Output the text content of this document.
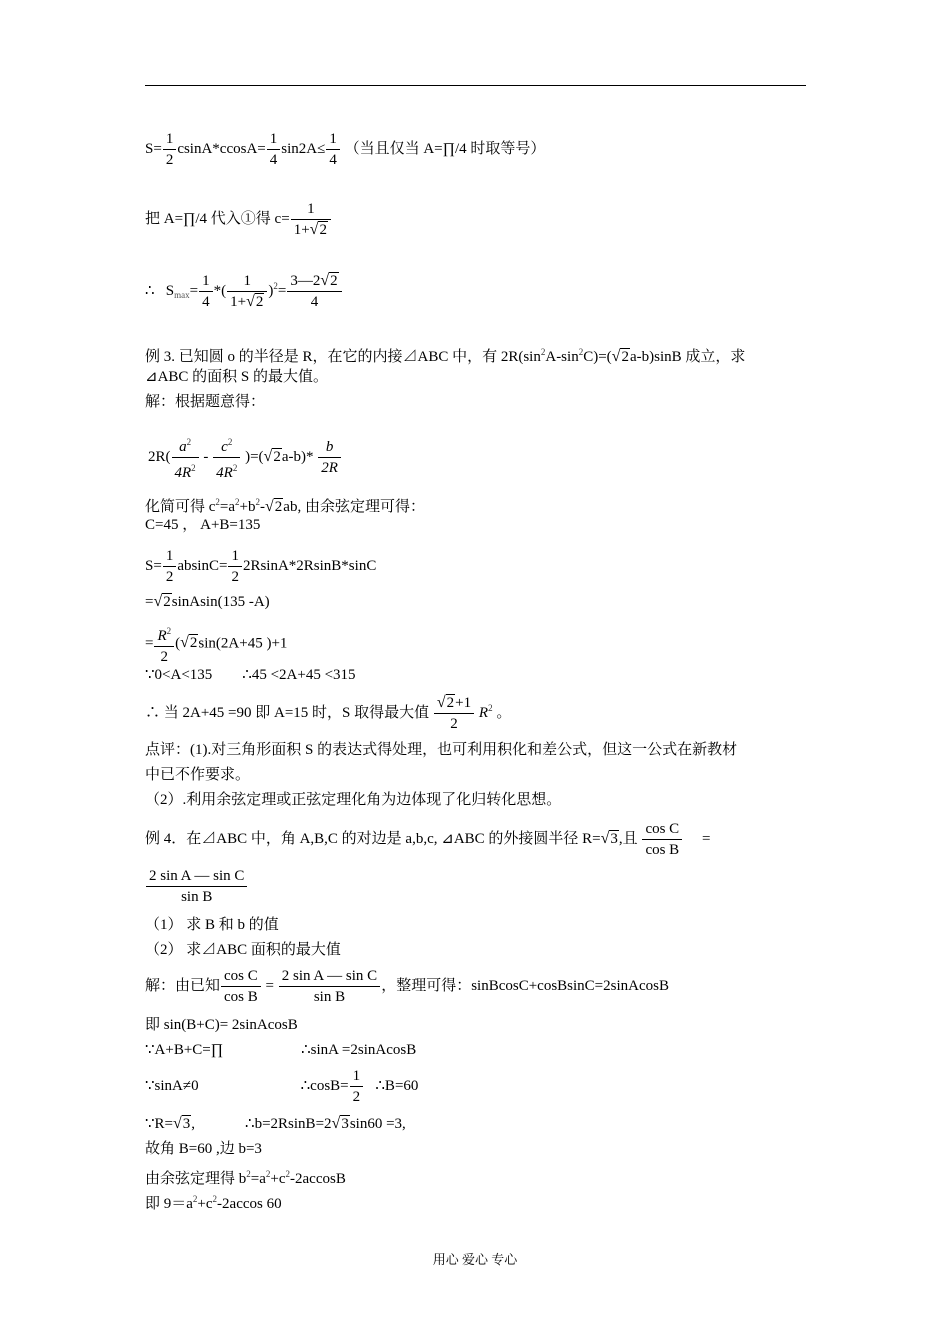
$S= \frac{1}{2} csinA*ccosA= \frac{1}{4} \sin 2A\le \frac{1}{4}$ （当且仅当 A=∏/4 时取等号）
把 A=∏/4 代入①得 $c= \frac{1}{1+√2}$
∴ $S_{max}= \frac{1}{4}$ *( $\frac{1}{1+√2} )^2= \frac{3—2√2}{4}$
例 3. 已知圆 o 的半径是 R，在它的内接⊿ABC 中，有 $2R(\sin^2A-\sin^2C)=(√2a-b)\sin B$ 成立，求
⊿ABC 的面积 S 的最大值。
解：根据题意得：
$2R( \frac{a^2}{4R^2} - \frac{c^2}{4R^2} )=(√2a-b)* \frac{b}{2R}$
化简可得 $c^2=a^2+b^2-√2ab$, 由余弦定理可得：
C=45 ， A+B=135
$S= \frac{1}{2} absinC= \frac{1}{2} 2RsinA*2RsinB*\sin C$
=√2sinAsin(135 -A)
= $\frac{R^2}{2} (√2\sin(2A+45$ )+1
∵0<A<135 ∴45 <2A+45 <315
∴ 当 2A+45 =90 即 A=15 时，S 取得最大值 $\frac{√2+1}{2} R^2$ 。
点评：(1).对三角形面积 S 的表达式得处理，也可利用积化和差公式，但这一公式在新教材
中已不作要求。
（2）.利用余弦定理或正弦定理化角为边体现了化归转化思想。
例 4．在⊿ABC 中，角 A,B,C 的对边是 a,b,c, ⊿ABC 的外接圆半径 R=√3,且 $\frac{\text{cos C}}{\text{cos B}}$ =
$\frac{\text{2 sin A — sin C}}{\text{sin B}}$
（1） 求 B 和 b 的值
（2） 求⊿ABC 面积的最大值
解：由已知 $\frac{\text{cos C}}{\text{cos B}} = \frac{\text{2 sin A — sin C}}{\text{sin B}}$ ，整理可得：sinBcosC+cosBsinC=2sinAcosB
即 sin(B+C)= 2sinAcosB
∵A+B+C=∏	∴sinA =2sinAcosB
∵sinA≠0	∴cosB= $\frac{1}{2}$ ∴B=60
∵R=√3,	∴b=2RsinB=2√3sin60 =3,
故角 B=60 ,边 b=3
由余弦定理得 $b^2=a^2+c^2-2accosB$
即 $9=a^2+c^2-2accos$ 60
用心 爱心 专心
